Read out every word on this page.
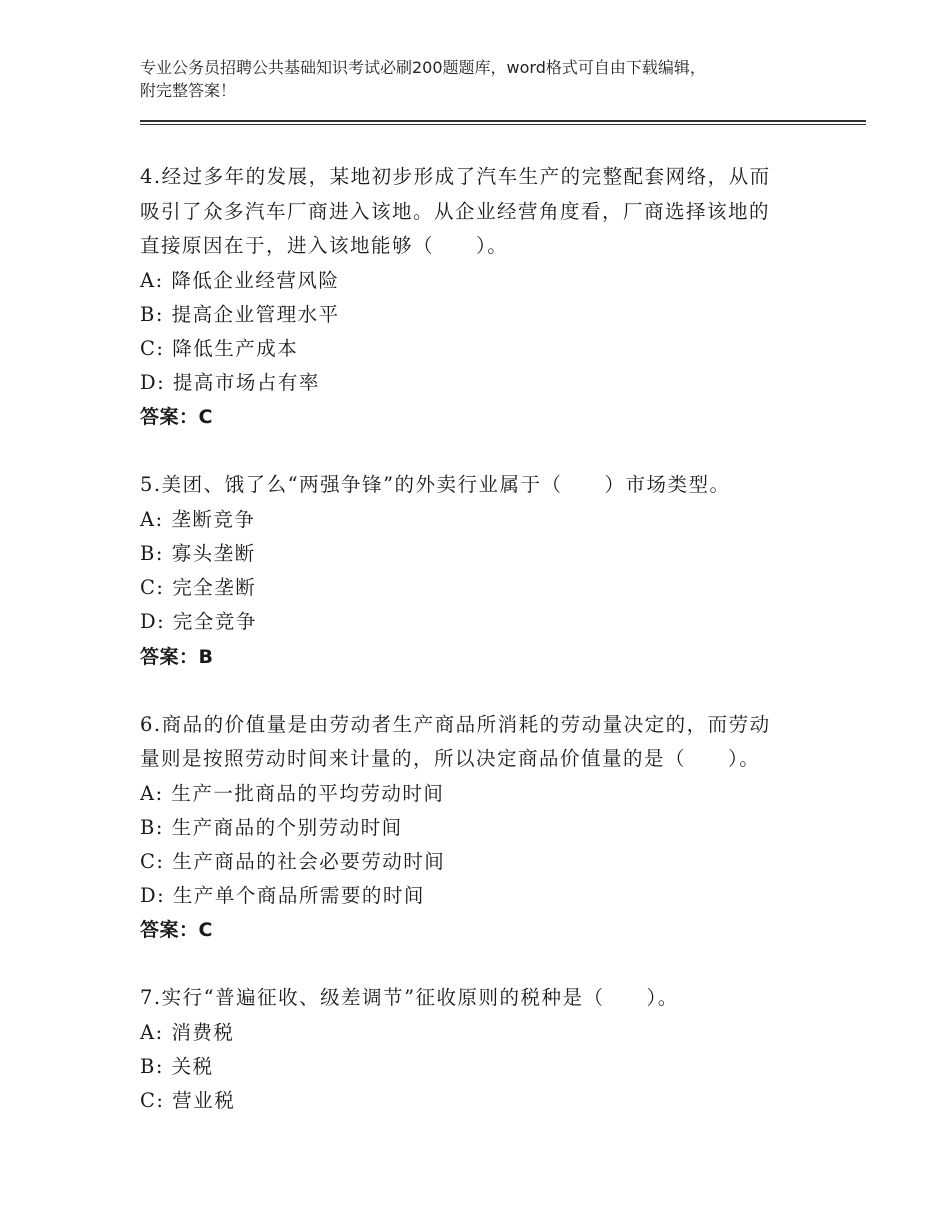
专业公务员招聘公共基础知识考试必刷200题题库，word格式可自由下载编辑，
附完整答案！
4.经过多年的发展，某地初步形成了汽车生产的完整配套网络，从而
吸引了众多汽车厂商进入该地。从企业经营角度看，厂商选择该地的
直接原因在于，进入该地能够（　　）。
A: 降低企业经营风险
B: 提高企业管理水平
C: 降低生产成本
D: 提高市场占有率
答案：C
5.美团、饿了么“两强争锋”的外卖行业属于（　　）市场类型。
A: 垄断竞争
B: 寡头垄断
C: 完全垄断
D: 完全竞争
答案：B
6.商品的价值量是由劳动者生产商品所消耗的劳动量决定的，而劳动
量则是按照劳动时间来计量的，所以决定商品价值量的是（　　）。
A: 生产一批商品的平均劳动时间
B: 生产商品的个别劳动时间
C: 生产商品的社会必要劳动时间
D: 生产单个商品所需要的时间
答案：C
7.实行“普遍征收、级差调节”征收原则的税种是（　　）。
A: 消费税
B: 关税
C: 营业税
